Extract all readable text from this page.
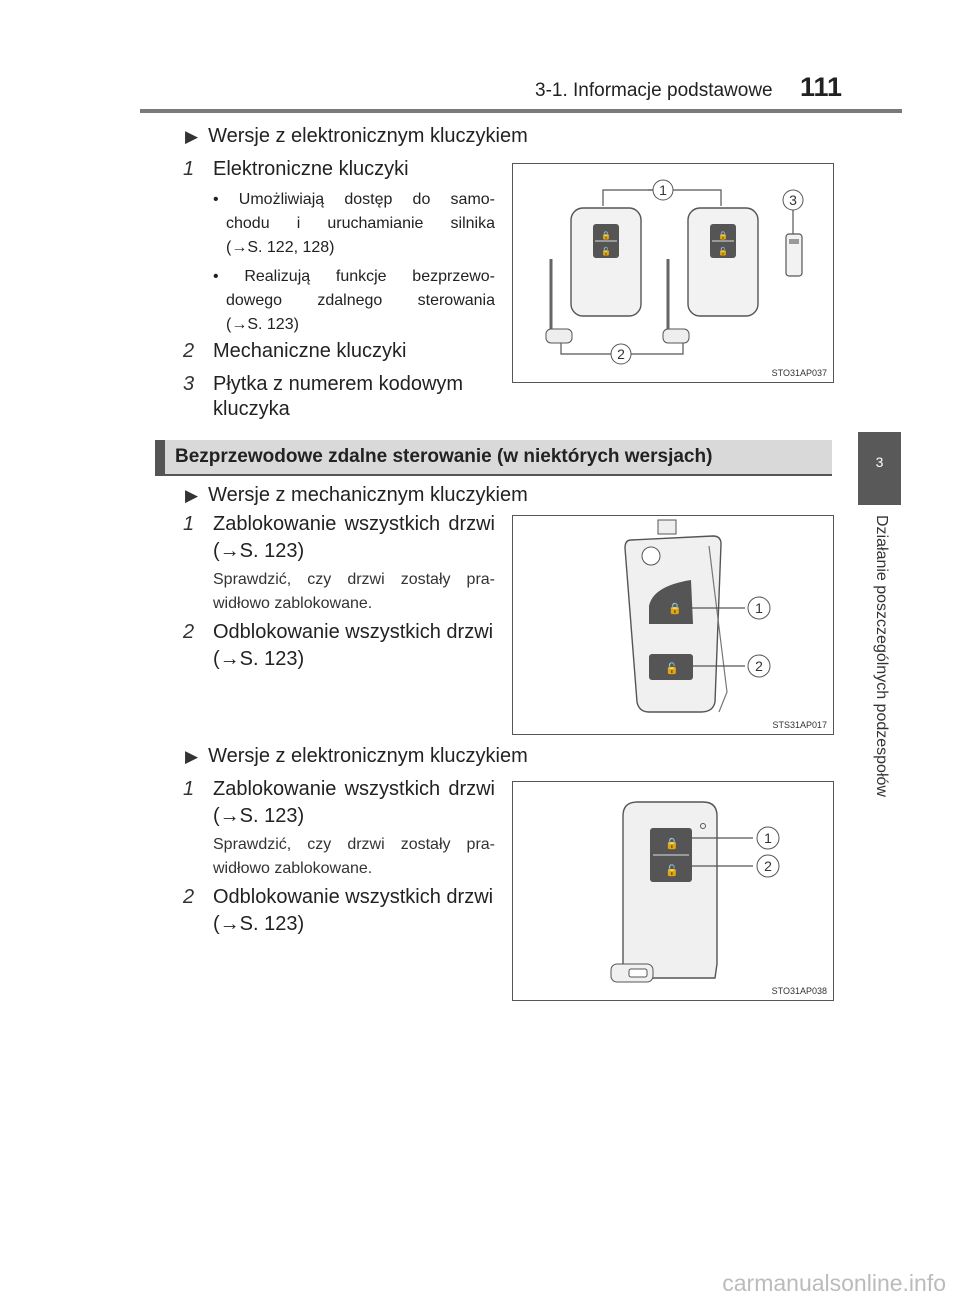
3-1. Informacje podstawowe 111
3
Działanie poszczególnych podzespołów
▶ Wersje z elektronicznym kluczykiem
1 Elektroniczne kluczyki
• Umożliwiają dostęp do samo-
chodu i uruchamianie silnika
(→S. 122, 128)
• Realizują funkcje bezprzewo-
dowego zdalnego sterowania
(→S. 123)
2 Mechaniczne kluczyki
3 Płytka z numerem kodowym
kluczyka
🔒
🔓
🔒
🔓
1
2
3
STO31AP037
Bezprzewodowe zdalne sterowanie (w niektórych wersjach)
▶ Wersje z mechanicznym kluczykiem
1 Zablokowanie wszystkich drzwi
(→S. 123)
Sprawdzić, czy drzwi zostały pra-
widłowo zablokowane.
2 Odblokowanie wszystkich drzwi
(→S. 123)
🔒
🔓
1
2
STS31AP017
▶ Wersje z elektronicznym kluczykiem
1 Zablokowanie wszystkich drzwi
(→S. 123)
Sprawdzić, czy drzwi zostały pra-
widłowo zablokowane.
2 Odblokowanie wszystkich drzwi
(→S. 123)
🔒
🔓
1
2
STO31AP038
carmanualsonline.info
